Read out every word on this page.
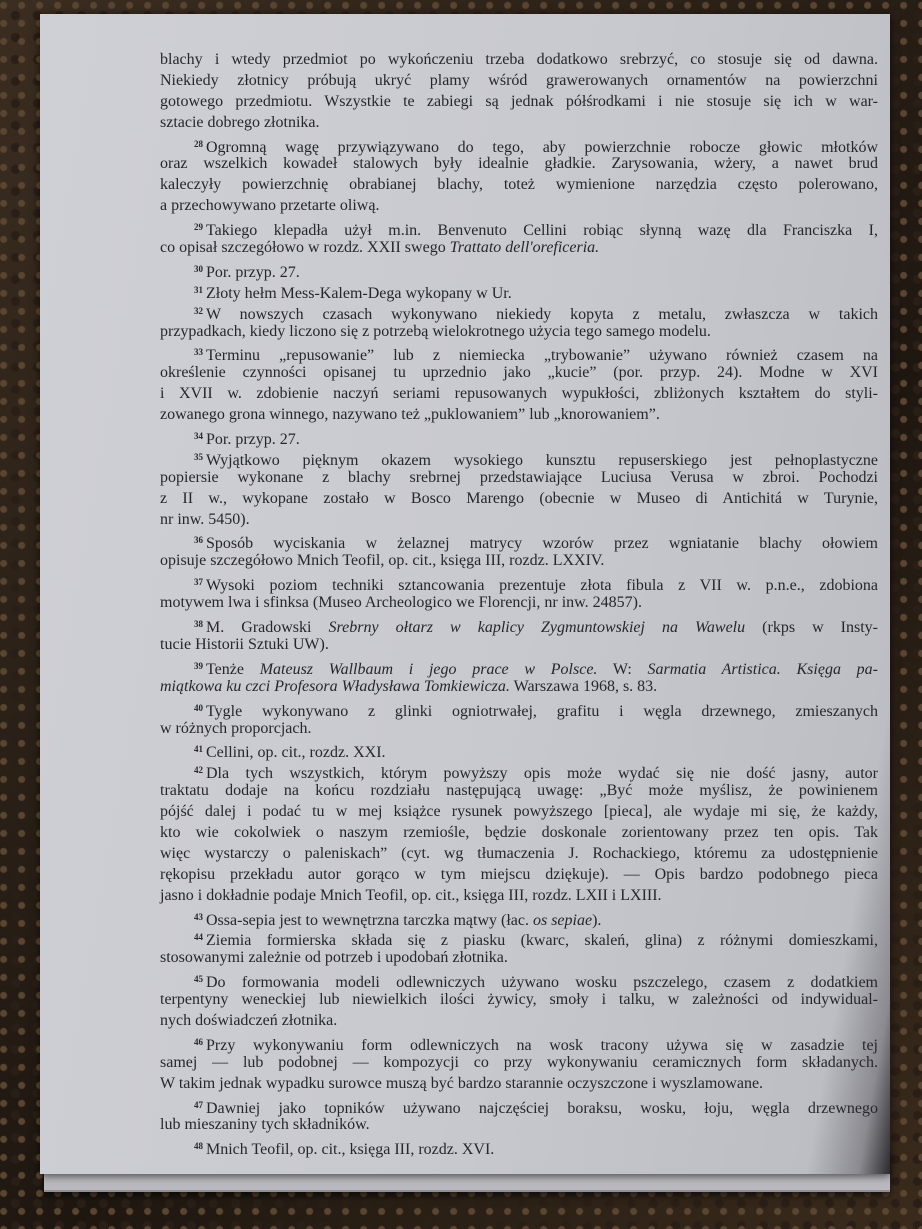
blachy i wtedy przedmiot po wykończeniu trzeba dodatkowo srebrzyć, co stosuje się od dawna.
Niekiedy złotnicy próbują ukryć plamy wśród grawerowanych ornamentów na powierzchni
gotowego przedmiotu. Wszystkie te zabiegi są jednak półśrodkami i nie stosuje się ich w war-
sztacie dobrego złotnika.
$^{28}$ Ogromną wagę przywiązywano do tego, aby powierzchnie robocze głowic młotków
oraz wszelkich kowadeł stalowych były idealnie gładkie. Zarysowania, wżery, a nawet brud
kaleczyły powierzchnię obrabianej blachy, toteż wymienione narzędzia często polerowano,
a przechowywano przetarte oliwą.
$^{29}$ Takiego klepadła użył m.in. Benvenuto Cellini robiąc słynną wazę dla Franciszka I,
co opisał szczegółowo w rozdz. XXII swego Trattato dell'oreficeria.
$^{30}$ Por. przyp. 27.
$^{31}$ Złoty hełm Mess-Kalem-Dega wykopany w Ur.
$^{32}$ W nowszych czasach wykonywano niekiedy kopyta z metalu, zwłaszcza w takich
przypadkach, kiedy liczono się z potrzebą wielokrotnego użycia tego samego modelu.
$^{33}$ Terminu „repusowanie” lub z niemiecka „trybowanie” używano również czasem na
określenie czynności opisanej tu uprzednio jako „kucie” (por. przyp. 24). Modne w XVI
i XVII w. zdobienie naczyń seriami repusowanych wypukłości, zbliżonych kształtem do styli-
zowanego grona winnego, nazywano też „puklowaniem” lub „knorowaniem”.
$^{34}$ Por. przyp. 27.
$^{35}$ Wyjątkowo pięknym okazem wysokiego kunsztu repuserskiego jest pełnoplastyczne
popiersie wykonane z blachy srebrnej przedstawiające Luciusa Verusa w zbroi. Pochodzi
z II w., wykopane zostało w Bosco Marengo (obecnie w Museo di Antichitá w Turynie,
nr inw. 5450).
$^{36}$ Sposób wyciskania w żelaznej matrycy wzorów przez wgniatanie blachy ołowiem
opisuje szczegółowo Mnich Teofil, op. cit., księga III, rozdz. LXXIV.
$^{37}$ Wysoki poziom techniki sztancowania prezentuje złota fibula z VII w. p.n.e., zdobiona
motywem lwa i sfinksa (Museo Archeologico we Florencji, nr inw. 24857).
$^{38}$ M. Gradowski Srebrny ołtarz w kaplicy Zygmuntowskiej na Wawelu (rkps w Insty-
tucie Historii Sztuki UW).
$^{39}$ Tenże Mateusz Wallbaum i jego prace w Polsce. W: Sarmatia Artistica. Księga pa-
miątkowa ku czci Profesora Władysława Tomkiewicza. Warszawa 1968, s. 83.
$^{40}$ Tygle wykonywano z glinki ogniotrwałej, grafitu i węgla drzewnego, zmieszanych
w różnych proporcjach.
$^{41}$ Cellini, op. cit., rozdz. XXI.
$^{42}$ Dla tych wszystkich, którym powyższy opis może wydać się nie dość jasny, autor
traktatu dodaje na końcu rozdziału następującą uwagę: „Być może myślisz, że powinienem
pójść dalej i podać tu w mej książce rysunek powyższego [pieca], ale wydaje mi się, że każdy,
kto wie cokolwiek o naszym rzemiośle, będzie doskonale zorientowany przez ten opis. Tak
więc wystarczy o paleniskach” (cyt. wg tłumaczenia J. Rochackiego, któremu za udostępnienie
rękopisu przekładu autor gorąco w tym miejscu dziękuje). — Opis bardzo podobnego pieca
jasno i dokładnie podaje Mnich Teofil, op. cit., księga III, rozdz. LXII i LXIII.
$^{43}$ Ossa-sepia jest to wewnętrzna tarczka mątwy (łac. os sepiae).
$^{44}$ Ziemia formierska składa się z piasku (kwarc, skaleń, glina) z różnymi domieszkami,
stosowanymi zależnie od potrzeb i upodobań złotnika.
$^{45}$ Do formowania modeli odlewniczych używano wosku pszczelego, czasem z dodatkiem
terpentyny weneckiej lub niewielkich ilości żywicy, smoły i talku, w zależności od indywidual-
nych doświadczeń złotnika.
$^{46}$ Przy wykonywaniu form odlewniczych na wosk tracony używa się w zasadzie tej
samej — lub podobnej — kompozycji co przy wykonywaniu ceramicznych form składanych.
W takim jednak wypadku surowce muszą być bardzo starannie oczyszczone i wyszlamowane.
$^{47}$ Dawniej jako topników używano najczęściej boraksu, wosku, łoju, węgla drzewnego
lub mieszaniny tych składników.
$^{48}$ Mnich Teofil, op. cit., księga III, rozdz. XVI.
